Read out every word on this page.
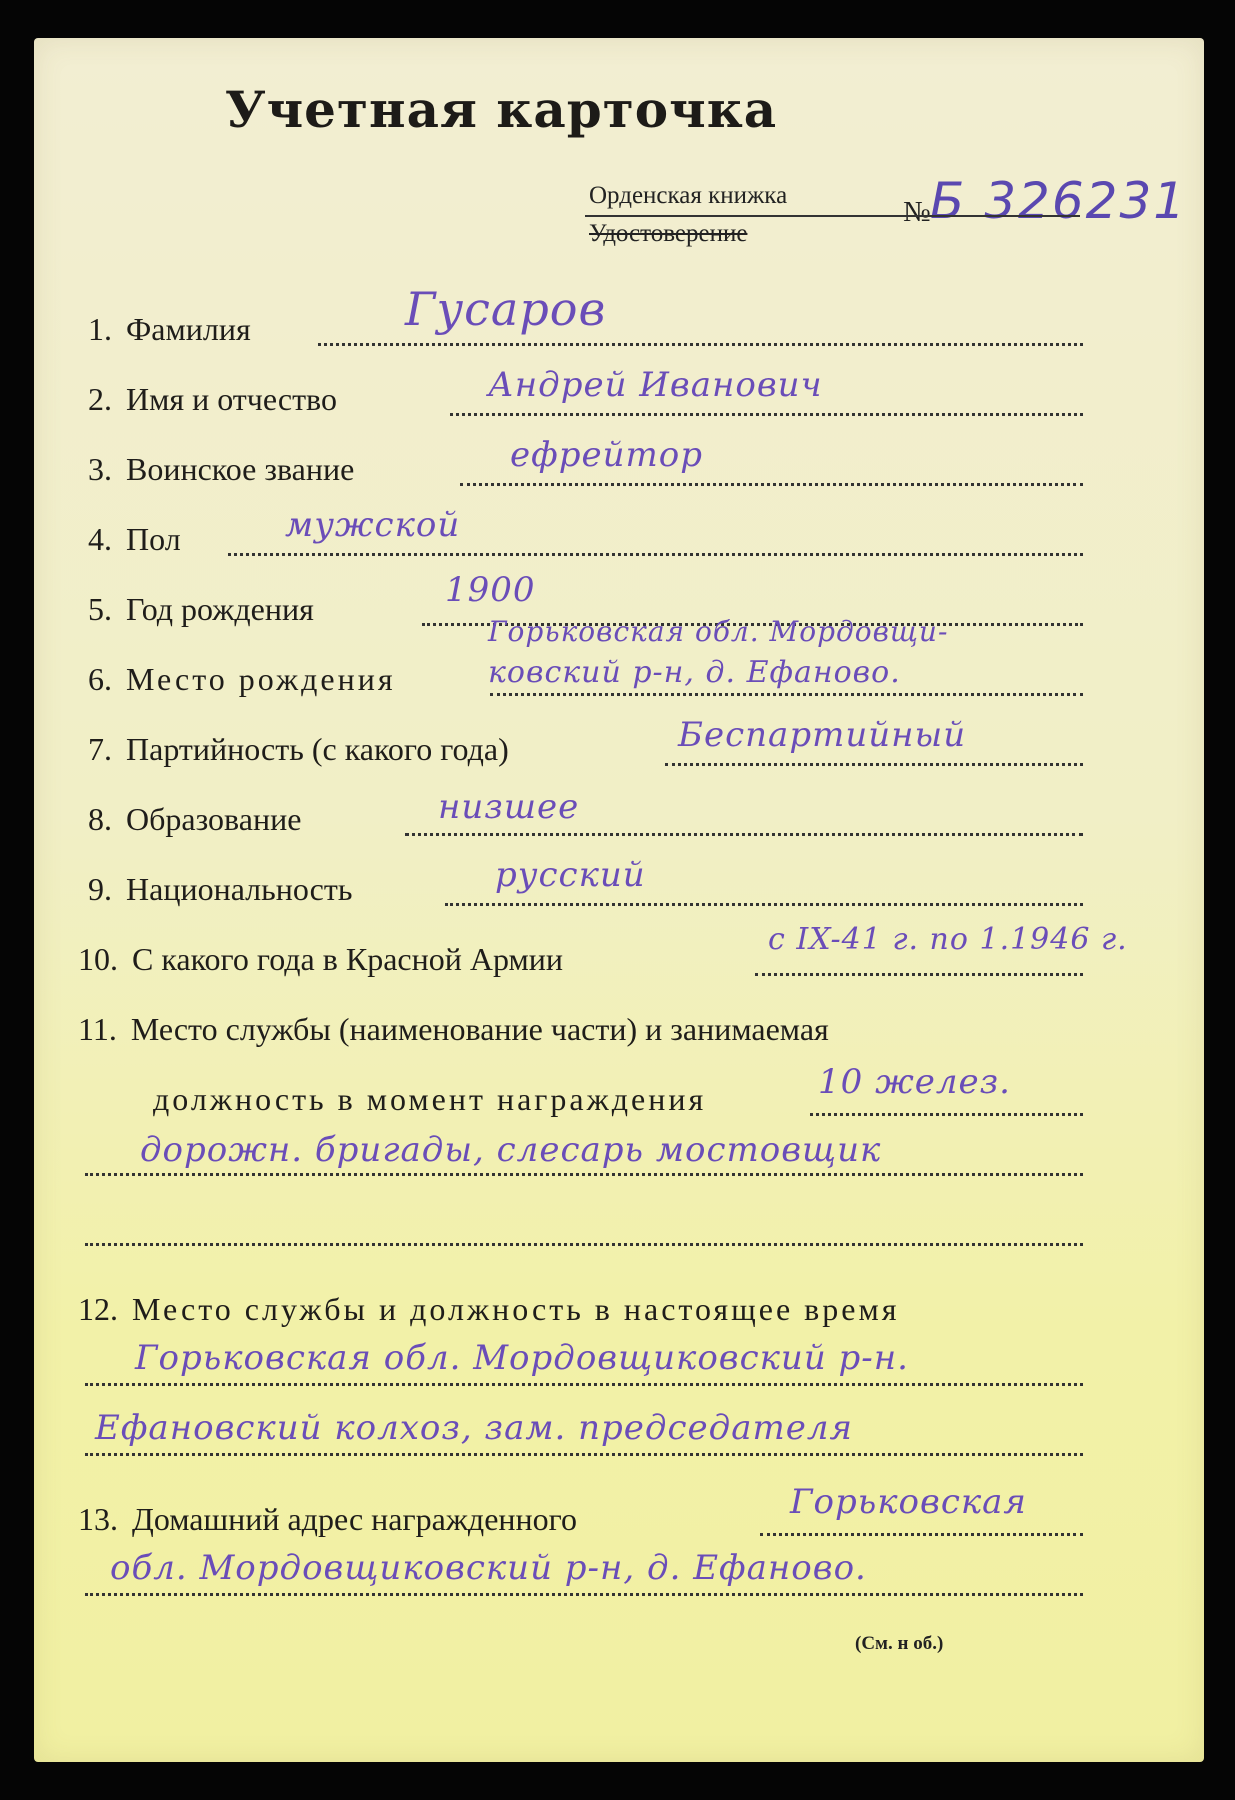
Учетная карточка
Орденская книжка
Удостоверение
№ Б 326231
1. Фамилия	Гусаров
2. Имя и отчество	Андрей Иванович
3. Воинское звание	ефрейтор
4. Пол	мужской
5. Год рождения	1900
6. Место рождения
Горьковская обл. Мордовщи-
ковский р-н, д. Ефаново.
7. Партийность (с какого года)	Беспартийный
8. Образование	низшее
9. Национальность	русский
10. С какого года в Красной Армии
с IX-41 г. по 1.1946 г.
11. Место службы (наименование части) и занимаемая
должность в момент награждения	10 желез.
дорожн. бригады, слесарь мостовщик
12. Место службы и должность в настоящее время
Горьковская обл. Мордовщиковский р-н.
Ефановский колхоз, зам. председателя
13. Домашний адрес награжденного	Горьковская
обл. Мордовщиковский р-н, д. Ефаново.
(См. н об.)
